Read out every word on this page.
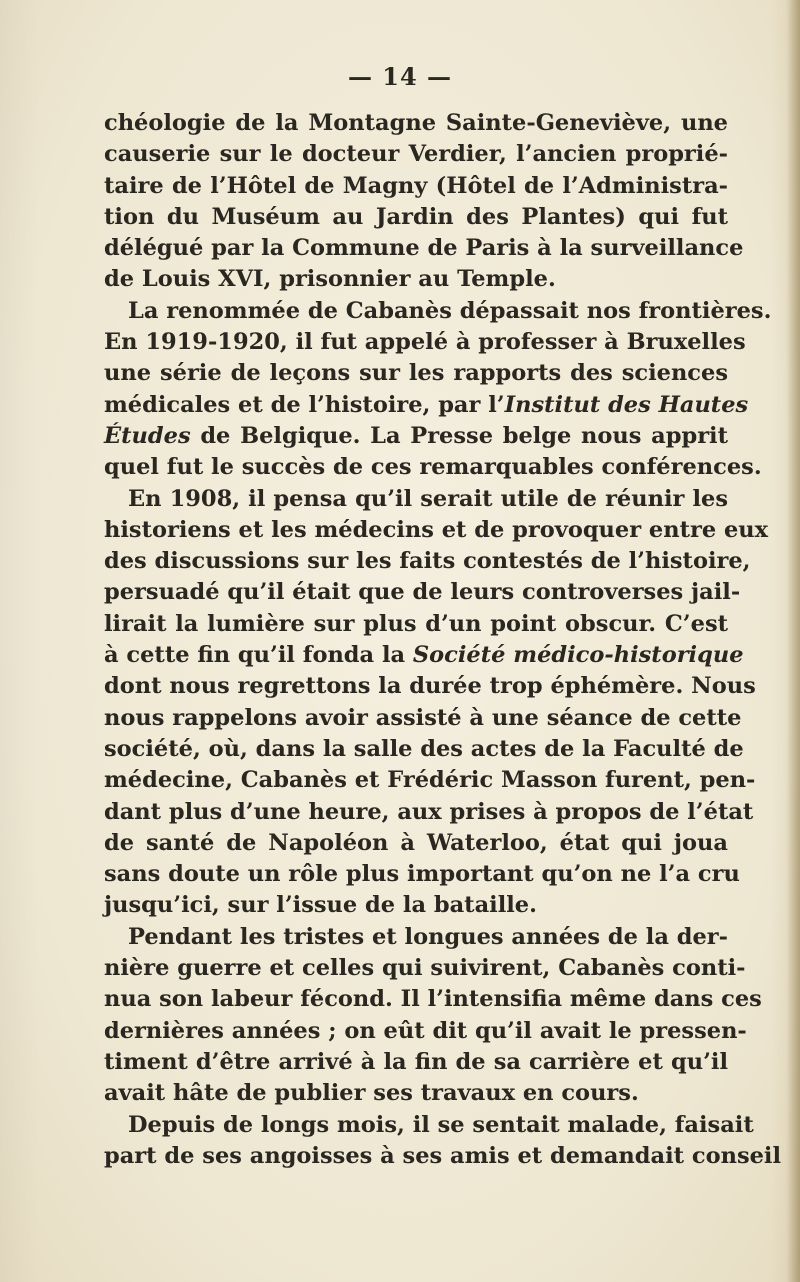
— 14 —
chéologie de la Montagne Sainte-Geneviève, une
causerie sur le docteur Verdier, l’ancien proprié-
taire de l’Hôtel de Magny (Hôtel de l’Administra-
tion du Muséum au Jardin des Plantes) qui fut
délégué par la Commune de Paris à la surveillance
de Louis XVI, prisonnier au Temple.
La renommée de Cabanès dépassait nos frontières.
En 1919-1920, il fut appelé à professer à Bruxelles
une série de leçons sur les rapports des sciences
médicales et de l’histoire, par l’Institut des Hautes
Études de Belgique. La Presse belge nous apprit
quel fut le succès de ces remarquables conférences.
En 1908, il pensa qu’il serait utile de réunir les
historiens et les médecins et de provoquer entre eux
des discussions sur les faits contestés de l’histoire,
persuadé qu’il était que de leurs controverses jail-
lirait la lumière sur plus d’un point obscur. C’est
à cette fin qu’il fonda la Société médico-historique
dont nous regrettons la durée trop éphémère. Nous
nous rappelons avoir assisté à une séance de cette
société, où, dans la salle des actes de la Faculté de
médecine, Cabanès et Frédéric Masson furent, pen-
dant plus d’une heure, aux prises à propos de l’état
de santé de Napoléon à Waterloo, état qui joua
sans doute un rôle plus important qu’on ne l’a cru
jusqu’ici, sur l’issue de la bataille.
Pendant les tristes et longues années de la der-
nière guerre et celles qui suivirent, Cabanès conti-
nua son labeur fécond. Il l’intensifia même dans ces
dernières années ; on eût dit qu’il avait le pressen-
timent d’être arrivé à la fin de sa carrière et qu’il
avait hâte de publier ses travaux en cours.
Depuis de longs mois, il se sentait malade, faisait
part de ses angoisses à ses amis et demandait conseil
